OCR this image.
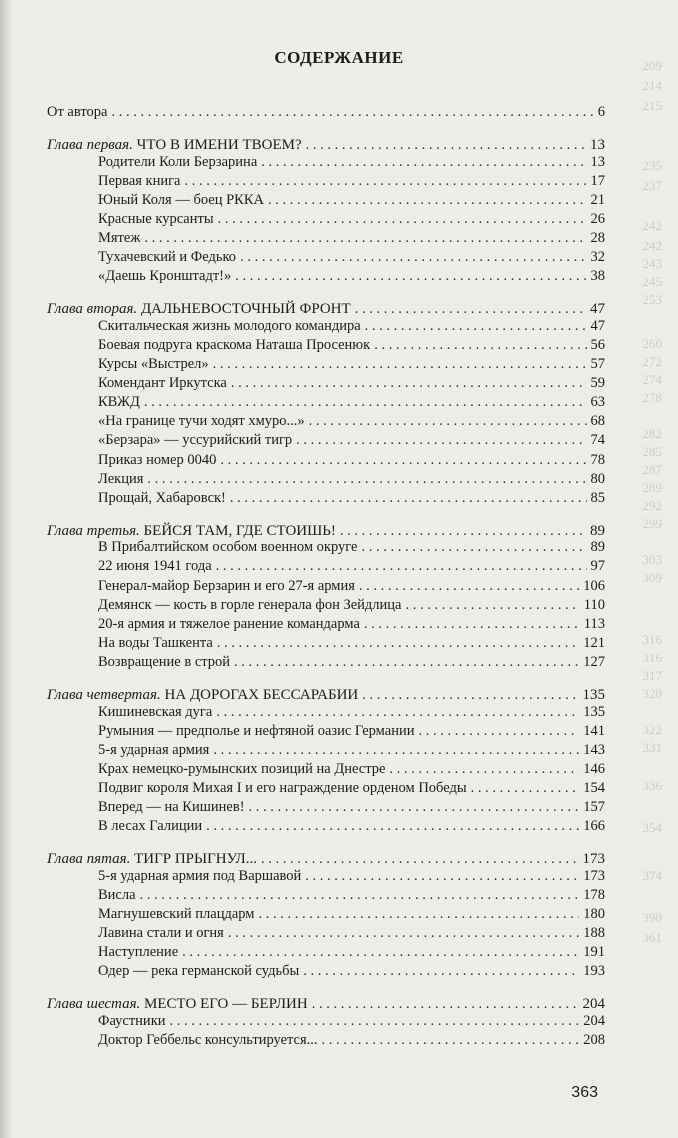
209
214
215
235
237
242
242
243
245
253
260
272
274
278
282
285
287
289
292
299
303
309
316
316
317
320
322
331
336
354
374
390
361
СОДЕРЖАНИЕ
От автора . . .	6
Глава первая. ЧТО В ИМЕНИ ТВОЕМ? . . .	13
Родители Коли Берзарина . . .	13
Первая книга . . .	17
Юный Коля — боец РККА . . .	21
Красные курсанты . . .	26
Мятеж . . .	28
Тухачевский и Федько . . .	32
«Даешь Кронштадт!» . . .	38
Глава вторая. ДАЛЬНЕВОСТОЧНЫЙ ФРОНТ . . .	47
Скитальческая жизнь молодого командира . . .	47
Боевая подруга краскома Наташа Просенюк . . .	56
Курсы «Выстрел» . . .	57
Комендант Иркутска . . .	59
КВЖД . . .	63
«На границе тучи ходят хмуро...» . . .	68
«Берзара» — уссурийский тигр . . .	74
Приказ номер 0040 . . .	78
Лекция . . .	80
Прощай, Хабаровск! . . .	85
Глава третья. БЕЙСЯ ТАМ, ГДЕ СТОИШЬ! . . .	89
В Прибалтийском особом военном округе . . .	89
22 июня 1941 года . . .	97
Генерал-майор Берзарин и его 27-я армия . . .	106
Демянск — кость в горле генерала фон Зейдлица . . .	110
20-я армия и тяжелое ранение командарма . . .	113
На воды Ташкента . . .	121
Возвращение в строй . . .	127
Глава четвертая. НА ДОРОГАХ БЕССАРАБИИ . . .	135
Кишиневская дуга . . .	135
Румыния — предполье и нефтяной оазис Германии . . .	141
5-я ударная армия . . .	143
Крах немецко-румынских позиций на Днестре . . .	146
Подвиг короля Михая I и его награждение орденом Победы . . .	154
Вперед — на Кишинев! . . .	157
В лесах Галиции . . .	166
Глава пятая. ТИГР ПРЫГНУЛ... . . .	173
5-я ударная армия под Варшавой . . .	173
Висла . . .	178
Магнушевский плацдарм . . .	180
Лавина стали и огня . . .	188
Наступление . . .	191
Одер — река германской судьбы . . .	193
Глава шестая. МЕСТО ЕГО — БЕРЛИН . . .	204
Фаустники . . .	204
Доктор Геббельс консультируется... . . .	208
363
